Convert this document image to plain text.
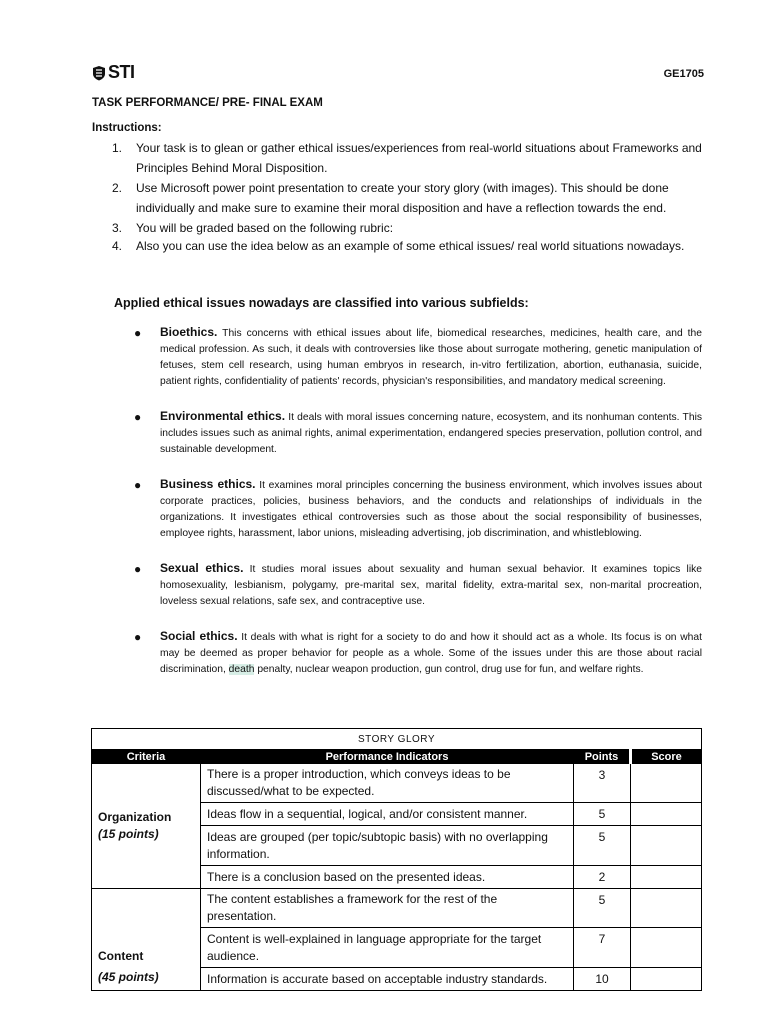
STI	GE1705
TASK PERFORMANCE/ PRE- FINAL EXAM
Instructions:
1. Your task is to glean or gather ethical issues/experiences from real-world situations about Frameworks and Principles Behind Moral Disposition.
2. Use Microsoft power point presentation to create your story glory (with images). This should be done individually and make sure to examine their moral disposition and have a reflection towards the end.
3. You will be graded based on the following rubric:
4. Also you can use the idea below as an example of some ethical issues/ real world situations nowadays.
Applied ethical issues nowadays are classified into various subfields:
● Bioethics. This concerns with ethical issues about life, biomedical researches, medicines, health care, and the medical profession. As such, it deals with controversies like those about surrogate mothering, genetic manipulation of fetuses, stem cell research, using human embryos in research, in-vitro fertilization, abortion, euthanasia, suicide, patient rights, confidentiality of patients' records, physician's responsibilities, and mandatory medical screening.
● Environmental ethics. It deals with moral issues concerning nature, ecosystem, and its nonhuman contents. This includes issues such as animal rights, animal experimentation, endangered species preservation, pollution control, and sustainable development.
● Business ethics. It examines moral principles concerning the business environment, which involves issues about corporate practices, policies, business behaviors, and the conducts and relationships of individuals in the organizations. It investigates ethical controversies such as those about the social responsibility of businesses, employee rights, harassment, labor unions, misleading advertising, job discrimination, and whistleblowing.
● Sexual ethics. It studies moral issues about sexuality and human sexual behavior. It examines topics like homosexuality, lesbianism, polygamy, pre-marital sex, marital fidelity, extra-marital sex, non-marital procreation, loveless sexual relations, safe sex, and contraceptive use.
● Social ethics. It deals with what is right for a society to do and how it should act as a whole. Its focus is on what may be deemed as proper behavior for people as a whole. Some of the issues under this are those about racial discrimination, death penalty, nuclear weapon production, gun control, drug use for fun, and welfare rights.
STORY GLORY			
Criteria	Performance Indicators	Points	Score

Organization
(15 points)	There is a proper introduction, which conveys ideas to be discussed/what to be expected.	3	
	Ideas flow in a sequential, logical, and/or consistent manner.	5	
	Ideas are grouped (per topic/subtopic basis) with no overlapping information.	5	
	There is a conclusion based on the presented ideas.	2	

Content
(45 points)	The content establishes a framework for the rest of the presentation.	5	
	Content is well-explained in language appropriate for the target audience.	7	
	Information is accurate based on acceptable industry standards.	10	
